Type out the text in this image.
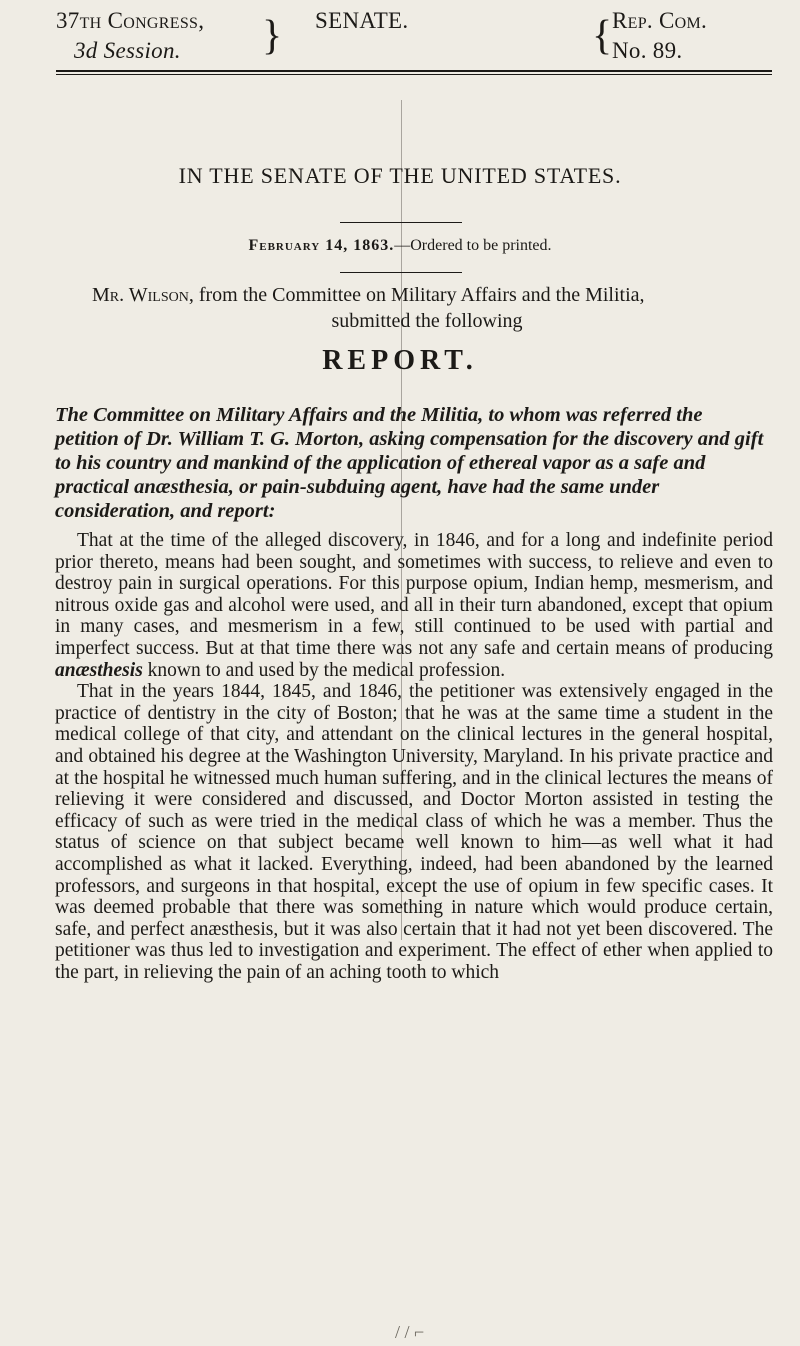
37th Congress,
3d Session.	} SENATE.	{ Rep. Com.
No. 89.
IN THE SENATE OF THE UNITED STATES.
February 14, 1863.—Ordered to be printed.
Mr. Wilson, from the Committee on Military Affairs and the Militia,
submitted the following
REPORT.
The Committee on Military Affairs and the Militia, to whom was referred the petition of Dr. William T. G. Morton, asking compensation for the discovery and gift to his country and mankind of the application of ethereal vapor as a safe and practical anæsthesia, or pain-subduing agent, have had the same under consideration, and report:

That at the time of the alleged discovery, in 1846, and for a long and indefinite period prior thereto, means had been sought, and sometimes with success, to relieve and even to destroy pain in surgical operations. For this purpose opium, Indian hemp, mesmerism, and nitrous oxide gas and alcohol were used, and all in their turn abandoned, except that opium in many cases, and mesmerism in a few, still continued to be used with partial and imperfect success. But at that time there was not any safe and certain means of producing anæsthesis known to and used by the medical profession.

That in the years 1844, 1845, and 1846, the petitioner was extensively engaged in the practice of dentistry in the city of Boston; that he was at the same time a student in the medical college of that city, and attendant on the clinical lectures in the general hospital, and obtained his degree at the Washington University, Maryland. In his private practice and at the hospital he witnessed much human suffering, and in the clinical lectures the means of relieving it were considered and discussed, and Doctor Morton assisted in testing the efficacy of such as were tried in the medical class of which he was a member. Thus the status of science on that subject became well known to him—as well what it had accomplished as what it lacked. Everything, indeed, had been abandoned by the learned professors, and surgeons in that hospital, except the use of opium in few specific cases. It was deemed probable that there was something in nature which would produce certain, safe, and perfect anæsthesis, but it was also certain that it had not yet been discovered. The petitioner was thus led to investigation and experiment. The effect of ether when applied to the part, in relieving the pain of an aching tooth to which

/ / ⌐
